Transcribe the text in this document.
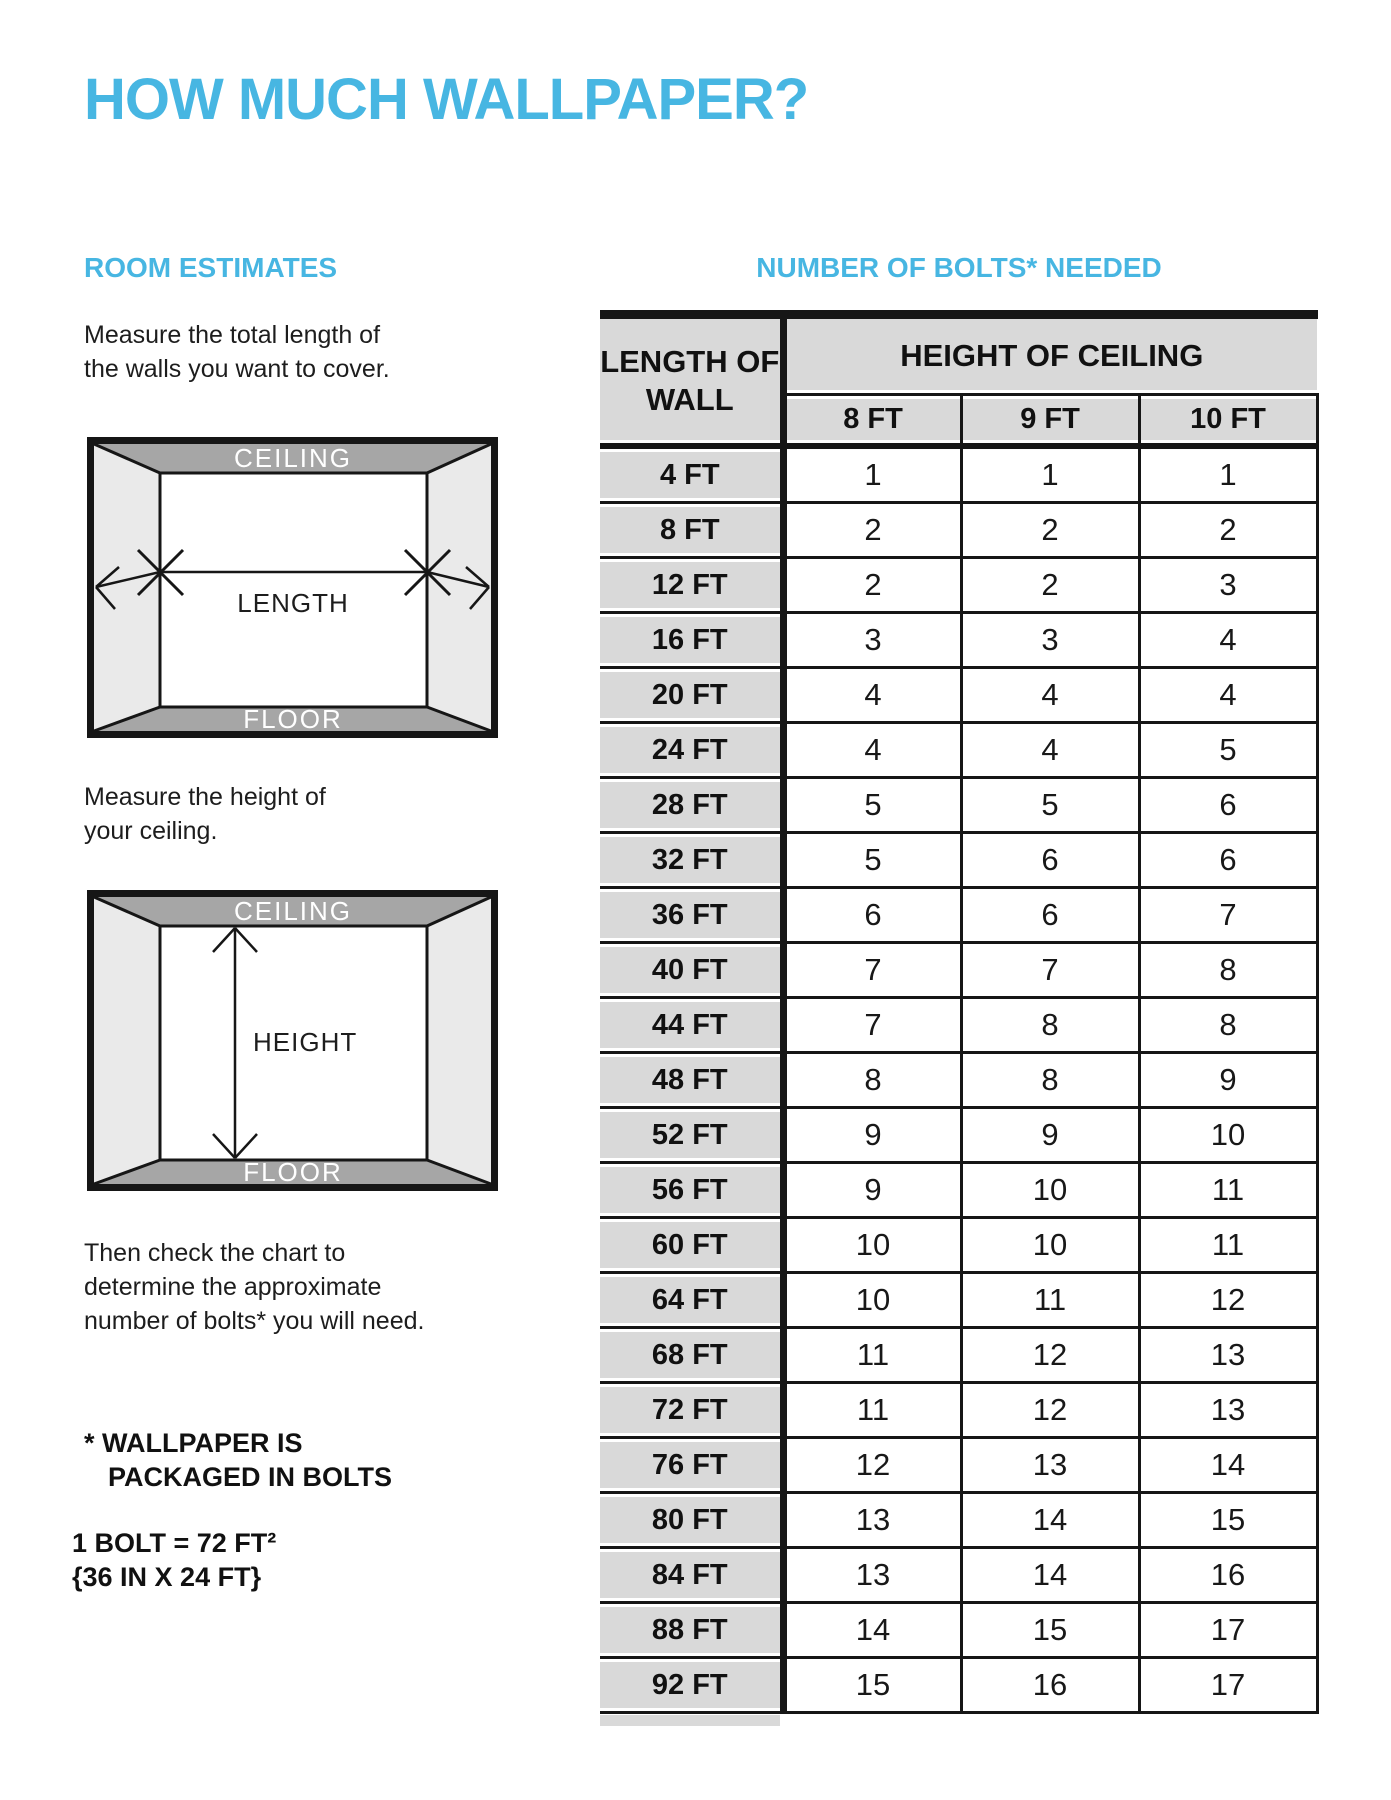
HOW MUCH WALLPAPER?
ROOM ESTIMATES	NUMBER OF BOLTS* NEEDED
Measure the total length of
the walls you want to cover.
CEILING
FLOOR
LENGTH
Measure the height of
your ceiling.
CEILING
FLOOR
HEIGHT
Then check the chart to
determine the approximate
number of bolts* you will need.
* WALLPAPER IS
PACKAGED IN BOLTS
1 BOLT = 72 FT²
{36 IN X 24 FT}
LENGTH OF WALL	HEIGHT OF CEILING		
	8 FT	9 FT	10 FT
4 FT	1	1	1
8 FT	2	2	2
12 FT	2	2	3
16 FT	3	3	4
20 FT	4	4	4
24 FT	4	4	5
28 FT	5	5	6
32 FT	5	6	6
36 FT	6	6	7
40 FT	7	7	8
44 FT	7	8	8
48 FT	8	8	9
52 FT	9	9	10
56 FT	9	10	11
60 FT	10	10	11
64 FT	10	11	12
68 FT	11	12	13
72 FT	11	12	13
76 FT	12	13	14
80 FT	13	14	15
84 FT	13	14	16
88 FT	14	15	17
92 FT	15	16	17
